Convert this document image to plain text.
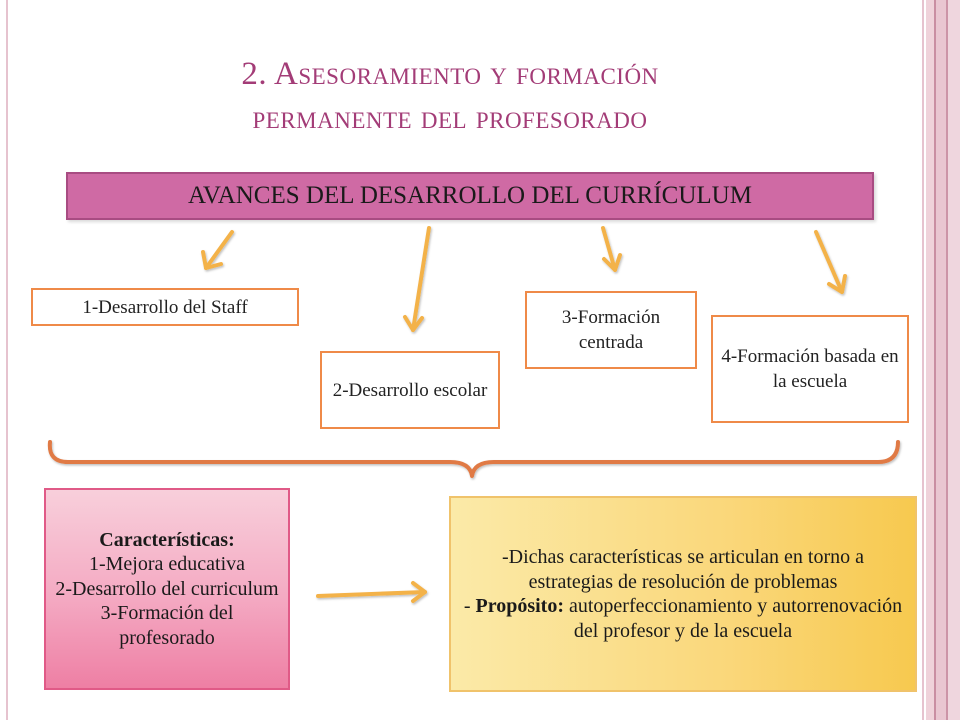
2. Asesoramiento y formación
permanente del profesorado
AVANCES DEL DESARROLLO DEL CURRÍCULUM
1-Desarrollo del Staff
2-Desarrollo escolar
3-Formación centrada
4-Formación basada en la escuela
Características:
1-Mejora educativa
2-Desarrollo del curriculum
3-Formación del profesorado
-Dichas características se articulan en torno a estrategias de resolución de problemas
- Propósito: autoperfeccionamiento y autorrenovación del profesor y de la escuela
